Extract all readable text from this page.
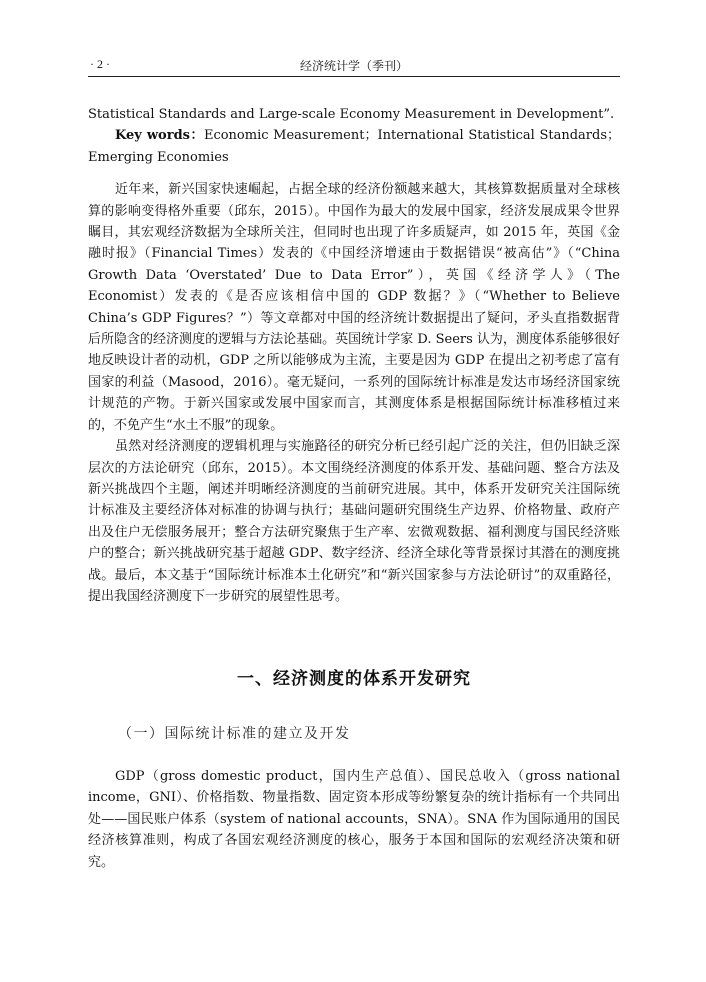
· 2 ·	经济统计学（季刊）

Statistical Standards and Large-scale Economy Measurement in Development”.

Key words：Economic Measurement；International Statistical Standards；Emerging Economies

近年来，新兴国家快速崛起，占据全球的经济份额越来越大，其核算数据质量对全球核算的影响变得格外重要（邱东，2015）。中国作为最大的发展中国家，经济发展成果令世界瞩目，其宏观经济数据为全球所关注，但同时也出现了许多质疑声，如 2015 年，英国《金融时报》（Financial Times）发表的《中国经济增速由于数据错误“被高估”》（“China Growth Data ‘Overstated’ Due to Data Error”），英国《经济学人》（The Economist）发表的《是否应该相信中国的 GDP 数据？》（“Whether to Believe China’s GDP Figures？”）等文章都对中国的经济统计数据提出了疑问，矛头直指数据背后所隐含的经济测度的逻辑与方法论基础。英国统计学家 D. Seers 认为，测度体系能够很好地反映设计者的动机，GDP 之所以能够成为主流，主要是因为 GDP 在提出之初考虑了富有国家的利益（Masood，2016）。毫无疑问，一系列的国际统计标准是发达市场经济国家统计规范的产物。于新兴国家或发展中国家而言，其测度体系是根据国际统计标准移植过来的，不免产生“水土不服”的现象。

虽然对经济测度的逻辑机理与实施路径的研究分析已经引起广泛的关注，但仍旧缺乏深层次的方法论研究（邱东，2015）。本文围绕经济测度的体系开发、基础问题、整合方法及新兴挑战四个主题，阐述并明晰经济测度的当前研究进展。其中，体系开发研究关注国际统计标准及主要经济体对标准的协调与执行；基础问题研究围绕生产边界、价格物量、政府产出及住户无偿服务展开；整合方法研究聚焦于生产率、宏微观数据、福利测度与国民经济账户的整合；新兴挑战研究基于超越 GDP、数字经济、经济全球化等背景探讨其潜在的测度挑战。最后，本文基于“国际统计标准本土化研究”和“新兴国家参与方法论研讨”的双重路径，提出我国经济测度下一步研究的展望性思考。

一、经济测度的体系开发研究
（一）国际统计标准的建立及开发

GDP（gross domestic product，国内生产总值）、国民总收入（gross national income，GNI）、价格指数、物量指数、固定资本形成等纷繁复杂的统计指标有一个共同出处——国民账户体系（system of national accounts，SNA）。SNA 作为国际通用的国民经济核算准则，构成了各国宏观经济测度的核心，服务于本国和国际的宏观经济决策和研究。
